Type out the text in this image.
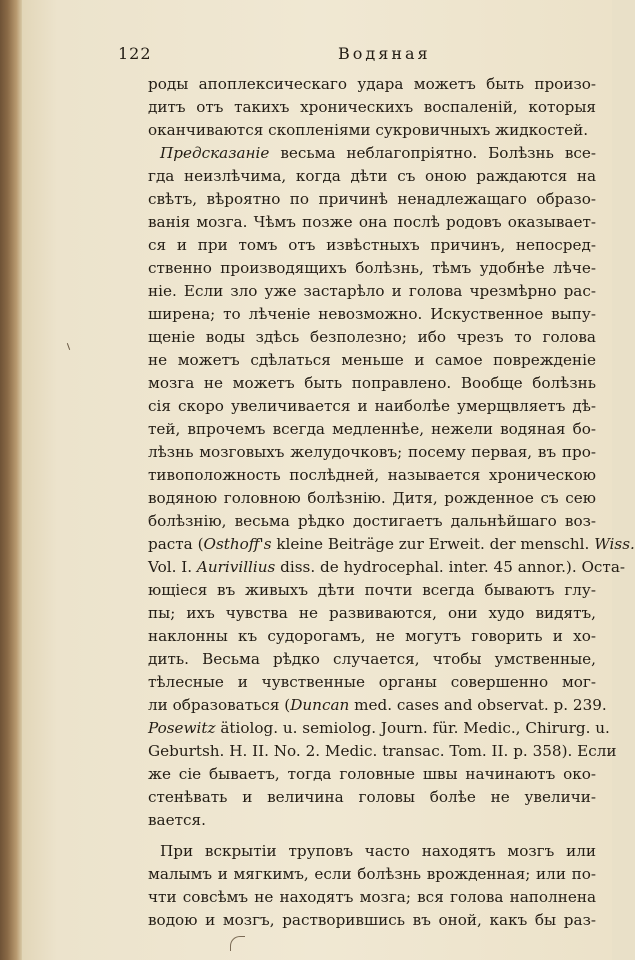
122	Водяная
роды апоплексическаго удара можетъ быть произо-
дитъ отъ такихъ хроническихъ воспаленій, которыя
оканчиваются скопленіями сукровичныхъ жидкостей.
Предсказаніе весьма неблагопріятно. Болѣзнь все-
гда неизлѣчима, когда дѣти съ оною раждаются на
свѣтъ, вѣроятно по причинѣ ненадлежащаго образо-
ванія мозга. Чѣмъ позже она послѣ родовъ оказывает-
ся и при томъ отъ извѣстныхъ причинъ, непосред-
ственно производящихъ болѣзнь, тѣмъ удобнѣе лѣче-
ніе. Если зло уже застарѣло и голова чрезмѣрно рас-
ширена; то лѣченіе невозможно. Искуственное выпу-
щеніе воды здѣсь безполезно; ибо чрезъ то голова
не можетъ сдѣлаться меньше и самое поврежденіе
мозга не можетъ быть поправлено. Вообще болѣзнь
сія скоро увеличивается и наиболѣе умерщвляетъ дѣ-
тей, впрочемъ всегда медленнѣе, нежели водяная бо-
лѣзнь мозговыхъ желудочковъ; посему первая, въ про-
тивоположность послѣдней, называется хроническою
водяною головною болѣзнію. Дитя, рожденное съ сею
болѣзнію, весьма рѣдко достигаетъ дальнѣйшаго воз-
раста (Osthoff's kleine Beiträge zur Erweit. der menschl. Wiss.
Vol. I. Aurivillius diss. de hydrocephal. inter. 45 annor.). Оста-
ющіеся въ живыхъ дѣти почти всегда бываютъ глу-
пы; ихъ чувства не развиваются, они худо видятъ,
наклонны къ судорогамъ, не могутъ говорить и хо-
дить. Весьма рѣдко случается, чтобы умственные,
тѣлесные и чувственные органы совершенно мог-
ли образоваться (Duncan med. cases and observat. p. 239.
Posewitz ätiolog. u. semiolog. Journ. für. Medic., Chirurg. u.
Geburtsh. H. II. No. 2. Medic. transac. Tom. II. p. 358). Если
же сіе бываетъ, тогда головные швы начинаютъ око-
стенѣвать и величина головы болѣе не увеличи-
вается.
При вскрытіи труповъ часто находятъ мозгъ или
малымъ и мягкимъ, если болѣзнь врожденная; или по-
чти совсѣмъ не находятъ мозга; вся голова наполнена
водою и мозгъ, растворившись въ оной, какъ бы раз-
